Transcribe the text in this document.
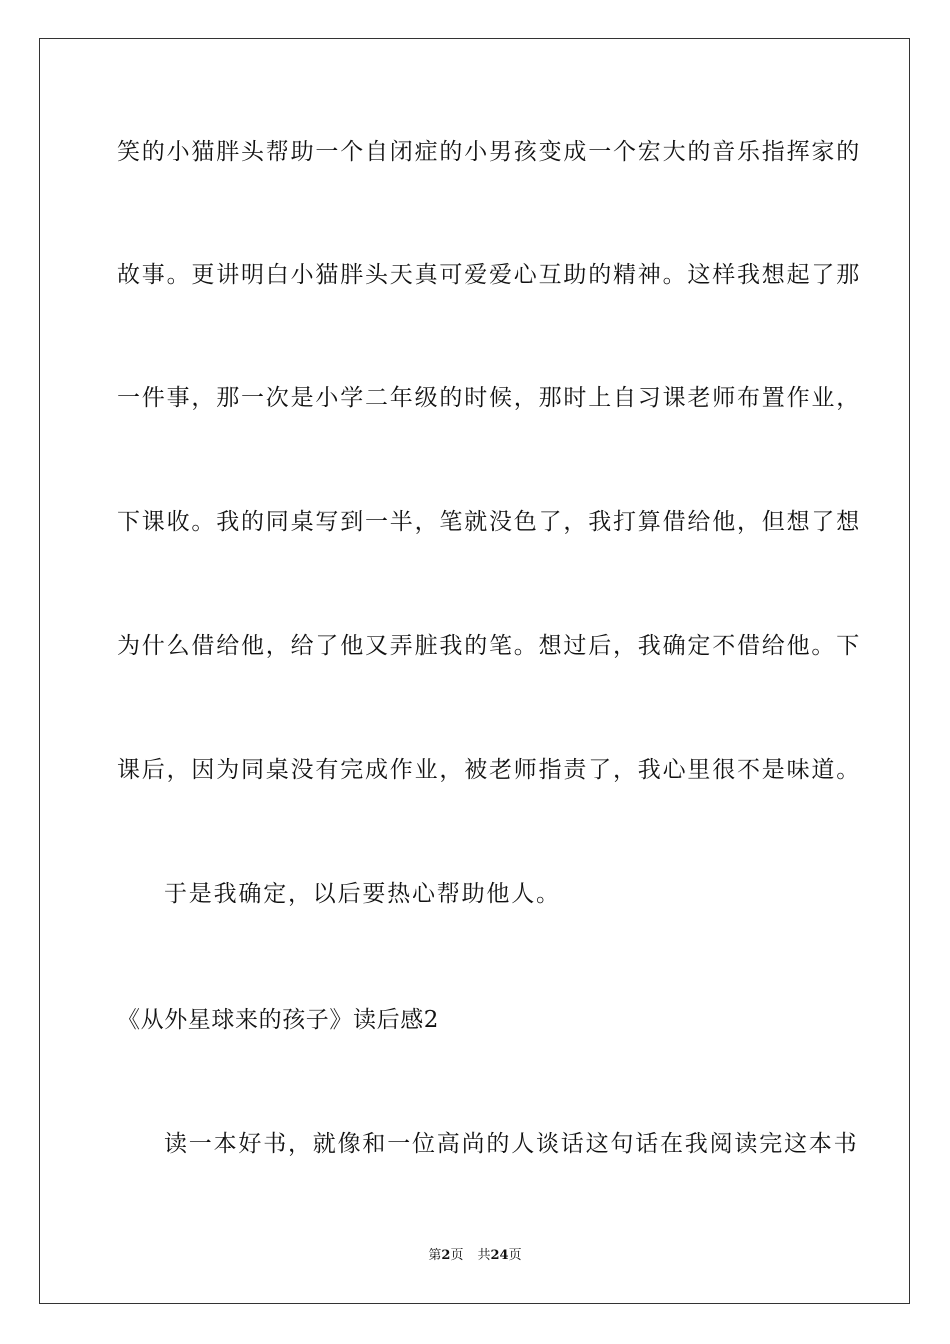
笑的小猫胖头帮助一个自闭症的小男孩变成一个宏大的音乐指挥家的
故事。更讲明白小猫胖头天真可爱爱心互助的精神。这样我想起了那
一件事，那一次是小学二年级的时候，那时上自习课老师布置作业，
下课收。我的同桌写到一半，笔就没色了，我打算借给他，但想了想
为什么借给他，给了他又弄脏我的笔。想过后，我确定不借给他。下
课后，因为同桌没有完成作业，被老师指责了，我心里很不是味道。
于是我确定，以后要热心帮助他人。
《从外星球来的孩子》读后感2
读一本好书，就像和一位高尚的人谈话这句话在我阅读完这本书
第2页 共24页
